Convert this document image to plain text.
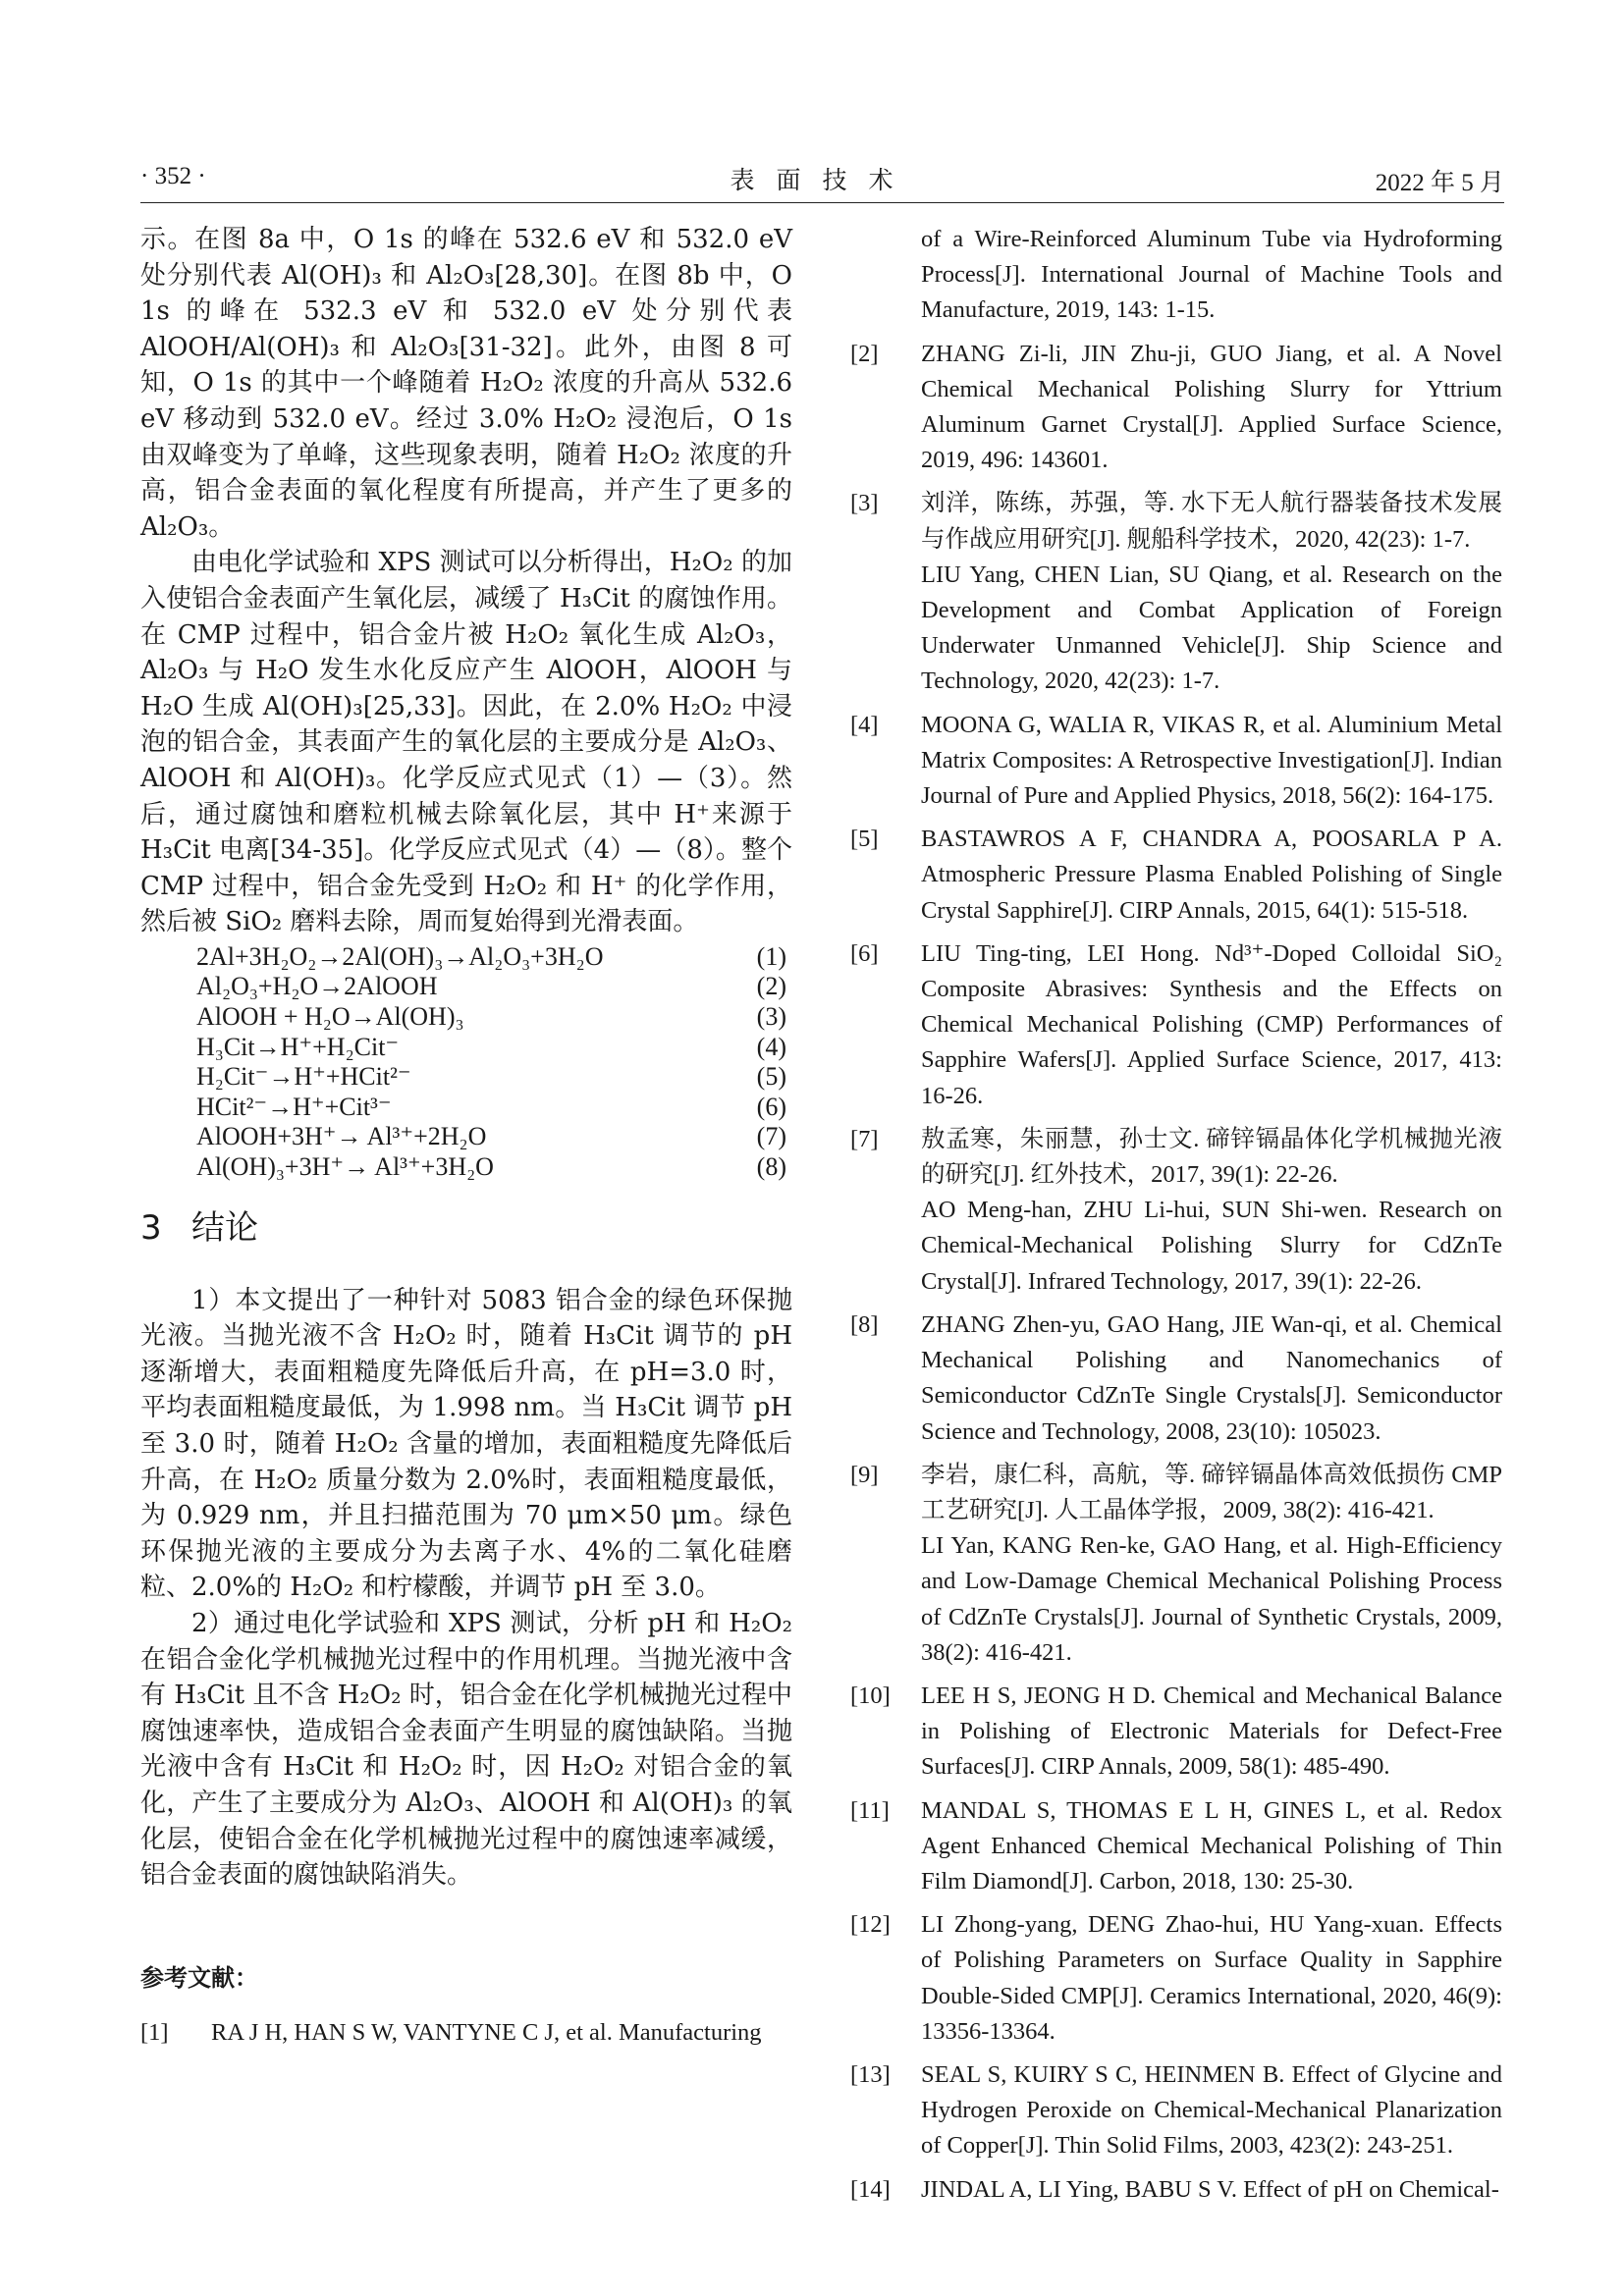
· 352 ·	表面技术	2022 年 5 月

示。在图 8a 中，O 1s 的峰在 532.6 eV 和 532.0 eV 处分别代表 Al(OH)₃ 和 Al₂O₃[28,30]。在图 8b 中，O 1s 的峰在 532.3 eV 和 532.0 eV 处分别代表 AlOOH/Al(OH)₃ 和 Al₂O₃[31-32]。此外，由图 8 可知，O 1s 的其中一个峰随着 H₂O₂ 浓度的升高从 532.6 eV 移动到 532.0 eV。经过 3.0% H₂O₂ 浸泡后，O 1s 由双峰变为了单峰，这些现象表明，随着 H₂O₂ 浓度的升高，铝合金表面的氧化程度有所提高，并产生了更多的 Al₂O₃。

由电化学试验和 XPS 测试可以分析得出，H₂O₂ 的加入使铝合金表面产生氧化层，减缓了 H₃Cit 的腐蚀作用。在 CMP 过程中，铝合金片被 H₂O₂ 氧化生成 Al₂O₃，Al₂O₃ 与 H₂O 发生水化反应产生 AlOOH，AlOOH 与 H₂O 生成 Al(OH)₃[25,33]。因此，在 2.0% H₂O₂ 中浸泡的铝合金，其表面产生的氧化层的主要成分是 Al₂O₃、AlOOH 和 Al(OH)₃。化学反应式见式（1）—（3）。然后，通过腐蚀和磨粒机械去除氧化层，其中 H⁺来源于 H₃Cit 电离[34-35]。化学反应式见式（4）—（8）。整个 CMP 过程中，铝合金先受到 H₂O₂ 和 H⁺ 的化学作用，然后被 SiO₂ 磨料去除，周而复始得到光滑表面。

2Al+3H₂O₂→2Al(OH)₃→Al₂O₃+3H₂O	(1)
Al₂O₃+H₂O→2AlOOH	(2)
AlOOH + H₂O→Al(OH)₃	(3)
H₃Cit→H⁺+H₂Cit⁻	(4)
H₂Cit⁻→H⁺+HCit²⁻	(5)
HCit²⁻→H⁺+Cit³⁻	(6)
AlOOH+3H⁺→ Al³⁺+2H₂O	(7)
Al(OH)₃+3H⁺→ Al³⁺+3H₂O	(8)
3 结论

1）本文提出了一种针对 5083 铝合金的绿色环保抛光液。当抛光液不含 H₂O₂ 时，随着 H₃Cit 调节的 pH 逐渐增大，表面粗糙度先降低后升高，在 pH=3.0 时，平均表面粗糙度最低，为 1.998 nm。当 H₃Cit 调节 pH 至 3.0 时，随着 H₂O₂ 含量的增加，表面粗糙度先降低后升高，在 H₂O₂ 质量分数为 2.0%时，表面粗糙度最低，为 0.929 nm，并且扫描范围为 70 μm×50 μm。绿色环保抛光液的主要成分为去离子水、4%的二氧化硅磨粒、2.0%的 H₂O₂ 和柠檬酸，并调节 pH 至 3.0。

2）通过电化学试验和 XPS 测试，分析 pH 和 H₂O₂ 在铝合金化学机械抛光过程中的作用机理。当抛光液中含有 H₃Cit 且不含 H₂O₂ 时，铝合金在化学机械抛光过程中腐蚀速率快，造成铝合金表面产生明显的腐蚀缺陷。当抛光液中含有 H₃Cit 和 H₂O₂ 时，因 H₂O₂ 对铝合金的氧化，产生了主要成分为 Al₂O₃、AlOOH 和 Al(OH)₃ 的氧化层，使铝合金在化学机械抛光过程中的腐蚀速率减缓，铝合金表面的腐蚀缺陷消失。

参考文献：
[1] RA J H, HAN S W, VANTYNE C J, et al. Manufacturing
of a Wire-Reinforced Aluminum Tube via Hydroforming Process[J]. International Journal of Machine Tools and Manufacture, 2019, 143: 1-15.
[2] ZHANG Zi-li, JIN Zhu-ji, GUO Jiang, et al. A Novel Chemical Mechanical Polishing Slurry for Yttrium Aluminum Garnet Crystal[J]. Applied Surface Science, 2019, 496: 143601.
[3] 刘洋，陈练，苏强，等. 水下无人航行器装备技术发展与作战应用研究[J]. 舰船科学技术，2020, 42(23): 1-7.
LIU Yang, CHEN Lian, SU Qiang, et al. Research on the Development and Combat Application of Foreign Underwater Unmanned Vehicle[J]. Ship Science and Technology, 2020, 42(23): 1-7.
[4] MOONA G, WALIA R, VIKAS R, et al. Aluminium Metal Matrix Composites: A Retrospective Investigation[J]. Indian Journal of Pure and Applied Physics, 2018, 56(2): 164-175.
[5] BASTAWROS A F, CHANDRA A, POOSARLA P A. Atmospheric Pressure Plasma Enabled Polishing of Single Crystal Sapphire[J]. CIRP Annals, 2015, 64(1): 515-518.
[6] LIU Ting-ting, LEI Hong. Nd³⁺-Doped Colloidal SiO₂ Composite Abrasives: Synthesis and the Effects on Chemical Mechanical Polishing (CMP) Performances of Sapphire Wafers[J]. Applied Surface Science, 2017, 413: 16-26.
[7] 敖孟寒，朱丽慧，孙士文. 碲锌镉晶体化学机械抛光液的研究[J]. 红外技术，2017, 39(1): 22-26.
AO Meng-han, ZHU Li-hui, SUN Shi-wen. Research on Chemical-Mechanical Polishing Slurry for CdZnTe Crystal[J]. Infrared Technology, 2017, 39(1): 22-26.
[8] ZHANG Zhen-yu, GAO Hang, JIE Wan-qi, et al. Chemical Mechanical Polishing and Nanomechanics of Semiconductor CdZnTe Single Crystals[J]. Semiconductor Science and Technology, 2008, 23(10): 105023.
[9] 李岩，康仁科，高航，等. 碲锌镉晶体高效低损伤 CMP 工艺研究[J]. 人工晶体学报，2009, 38(2): 416-421.
LI Yan, KANG Ren-ke, GAO Hang, et al. High-Efficiency and Low-Damage Chemical Mechanical Polishing Process of CdZnTe Crystals[J]. Journal of Synthetic Crystals, 2009, 38(2): 416-421.
[10] LEE H S, JEONG H D. Chemical and Mechanical Balance in Polishing of Electronic Materials for Defect-Free Surfaces[J]. CIRP Annals, 2009, 58(1): 485-490.
[11] MANDAL S, THOMAS E L H, GINES L, et al. Redox Agent Enhanced Chemical Mechanical Polishing of Thin Film Diamond[J]. Carbon, 2018, 130: 25-30.
[12] LI Zhong-yang, DENG Zhao-hui, HU Yang-xuan. Effects of Polishing Parameters on Surface Quality in Sapphire Double-Sided CMP[J]. Ceramics International, 2020, 46(9): 13356-13364.
[13] SEAL S, KUIRY S C, HEINMEN B. Effect of Glycine and Hydrogen Peroxide on Chemical-Mechanical Planarization of Copper[J]. Thin Solid Films, 2003, 423(2): 243-251.
[14] JINDAL A, LI Ying, BABU S V. Effect of pH on Chemical-
